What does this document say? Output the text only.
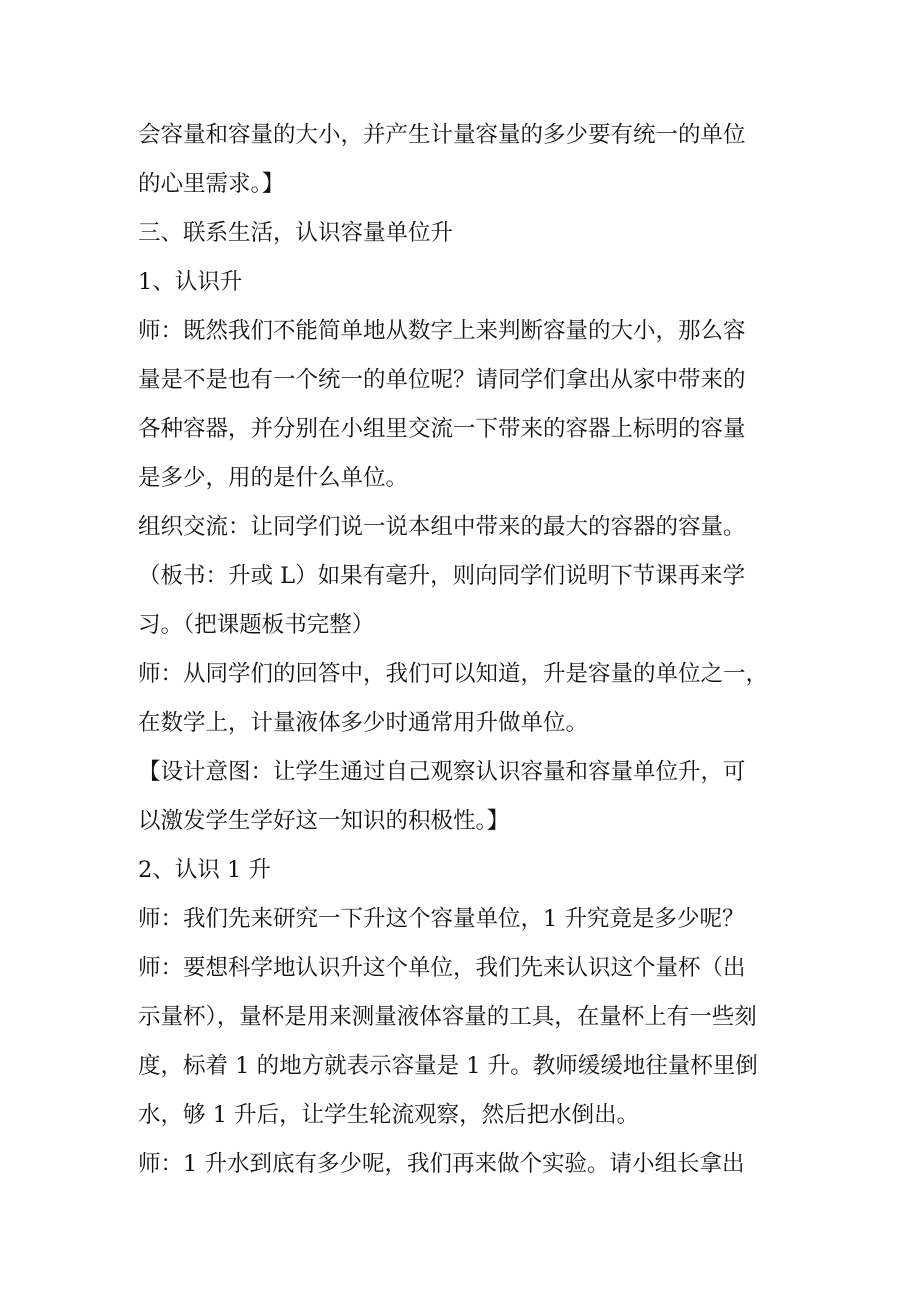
会容量和容量的大小，并产生计量容量的多少要有统一的单位
的心里需求。】
三、联系生活，认识容量单位升
1、认识升
师：既然我们不能简单地从数字上来判断容量的大小，那么容
量是不是也有一个统一的单位呢？请同学们拿出从家中带来的
各种容器，并分别在小组里交流一下带来的容器上标明的容量
是多少，用的是什么单位。
组织交流：让同学们说一说本组中带来的最大的容器的容量。
（板书：升或 L）如果有毫升，则向同学们说明下节课再来学
习。（把课题板书完整）
师：从同学们的回答中，我们可以知道，升是容量的单位之一，
在数学上，计量液体多少时通常用升做单位。
【设计意图：让学生通过自己观察认识容量和容量单位升，可
以激发学生学好这一知识的积极性。】
2、认识 1 升
师：我们先来研究一下升这个容量单位，1 升究竟是多少呢？
师：要想科学地认识升这个单位，我们先来认识这个量杯（出
示量杯），量杯是用来测量液体容量的工具，在量杯上有一些刻
度，标着 1 的地方就表示容量是 1 升。教师缓缓地往量杯里倒
水，够 1 升后，让学生轮流观察，然后把水倒出。
师：1 升水到底有多少呢，我们再来做个实验。请小组长拿出
